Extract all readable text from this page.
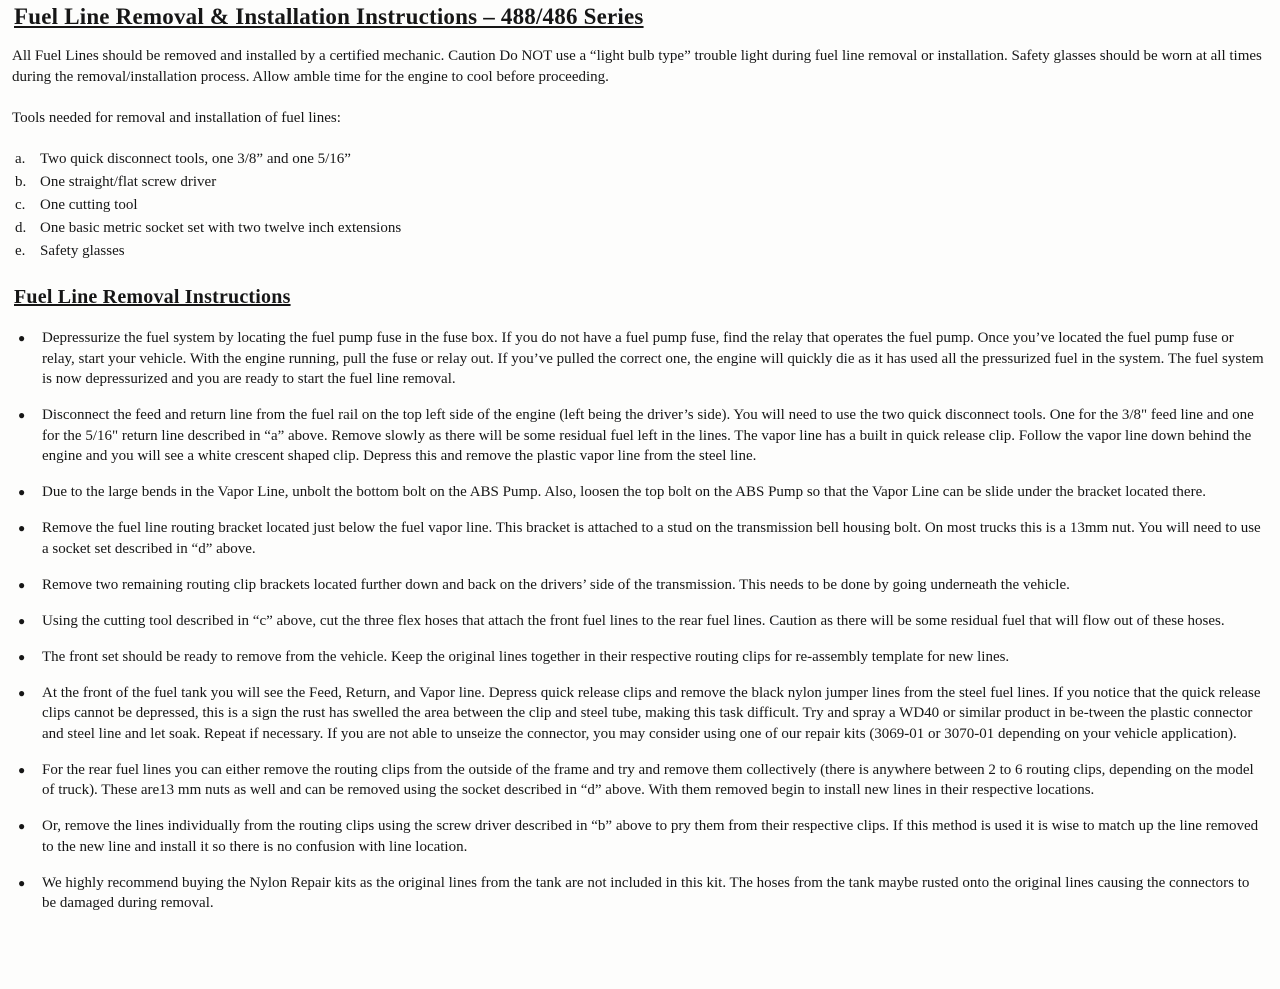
Fuel Line Removal & Installation Instructions – 488/486 Series
All Fuel Lines should be removed and installed by a certified mechanic. Caution Do NOT use a “light bulb type” trouble light during fuel line removal or installation. Safety glasses should be worn at all times during the removal/installation process. Allow amble time for the engine to cool before proceeding.
Tools needed for removal and installation of fuel lines:
a. Two quick disconnect tools, one 3/8” and one 5/16”
b. One straight/flat screw driver
c. One cutting tool
d. One basic metric socket set with two twelve inch extensions
e. Safety glasses
Fuel Line Removal Instructions
●	Depressurize the fuel system by locating the fuel pump fuse in the fuse box. If you do not have a fuel pump fuse, find the relay that operates the fuel pump. Once you’ve located the fuel pump fuse or relay, start your vehicle. With the engine running, pull the fuse or relay out. If you’ve pulled the correct one, the engine will quickly die as it has used all the pressurized fuel in the system. The fuel system is now depressurized and you are ready to start the fuel line removal.
●	Disconnect the feed and return line from the fuel rail on the top left side of the engine (left being the driver’s side). You will need to use the two quick disconnect tools. One for the 3/8" feed line and one for the 5/16" return line described in “a” above. Remove slowly as there will be some residual fuel left in the lines. The vapor line has a built in quick release clip. Follow the vapor line down behind the engine and you will see a white crescent shaped clip. Depress this and remove the plastic vapor line from the steel line.
●	Due to the large bends in the Vapor Line, unbolt the bottom bolt on the ABS Pump. Also, loosen the top bolt on the ABS Pump so that the Vapor Line can be slide under the bracket located there.
●	Remove the fuel line routing bracket located just below the fuel vapor line. This bracket is attached to a stud on the transmission bell housing bolt. On most trucks this is a 13mm nut. You will need to use a socket set described in “d” above.
●	Remove two remaining routing clip brackets located further down and back on the drivers’ side of the transmission. This needs to be done by going underneath the vehicle.
●	Using the cutting tool described in “c” above, cut the three flex hoses that attach the front fuel lines to the rear fuel lines. Caution as there will be some residual fuel that will flow out of these hoses.
●	The front set should be ready to remove from the vehicle. Keep the original lines together in their respective routing clips for re-assembly template for new lines.
●	At the front of the fuel tank you will see the Feed, Return, and Vapor line. Depress quick release clips and remove the black nylon jumper lines from the steel fuel lines. If you notice that the quick release clips cannot be depressed, this is a sign the rust has swelled the area between the clip and steel tube, making this task difficult. Try and spray a WD40 or similar product in be-tween the plastic connector and steel line and let soak. Repeat if necessary. If you are not able to unseize the connector, you may consider using one of our repair kits (3069-01 or 3070-01 depending on your vehicle application).
●	For the rear fuel lines you can either remove the routing clips from the outside of the frame and try and remove them collectively (there is anywhere between 2 to 6 routing clips, depending on the model of truck). These are13 mm nuts as well and can be removed using the socket described in “d” above. With them removed begin to install new lines in their respective locations.
●	Or, remove the lines individually from the routing clips using the screw driver described in “b” above to pry them from their respective clips. If this method is used it is wise to match up the line removed to the new line and install it so there is no confusion with line location.
●	We highly recommend buying the Nylon Repair kits as the original lines from the tank are not included in this kit. The hoses from the tank maybe rusted onto the original lines causing the connectors to be damaged during removal.
